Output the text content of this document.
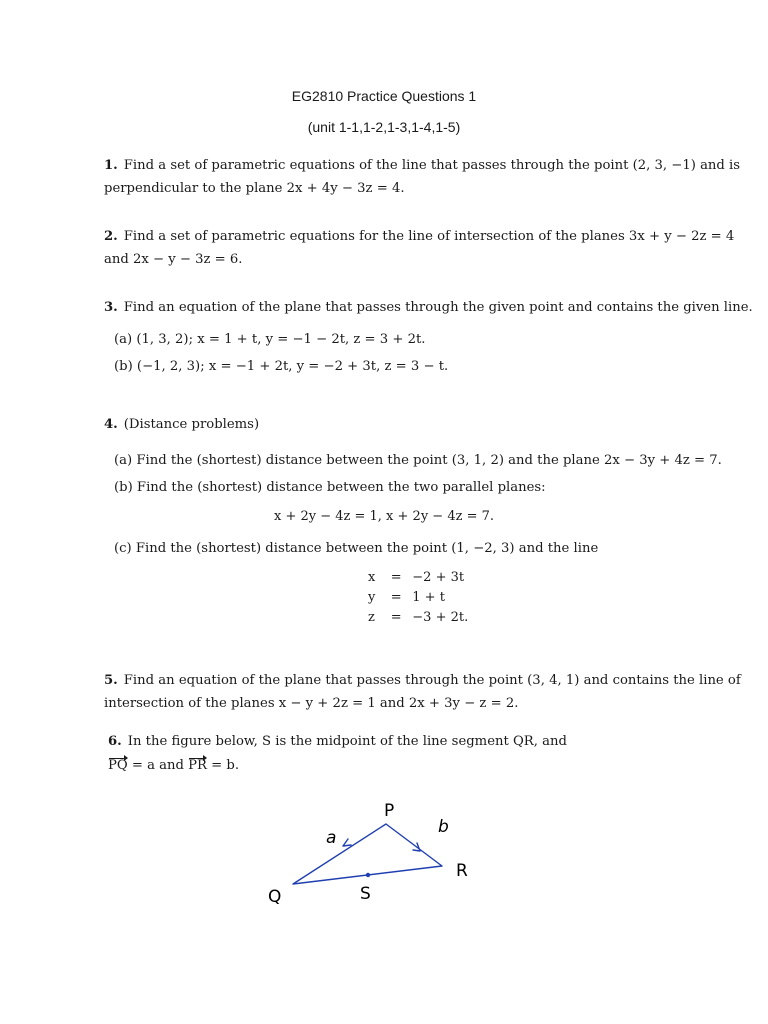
EG2810 Practice Questions 1
(unit 1-1,1-2,1-3,1-4,1-5)
1. Find a set of parametric equations of the line that passes through the point (2, 3, −1) and is
perpendicular to the plane 2x + 4y − 3z = 4.
2. Find a set of parametric equations for the line of intersection of the planes 3x + y − 2z = 4
and 2x − y − 3z = 6.
3. Find an equation of the plane that passes through the given point and contains the given line.
(a) (1, 3, 2); x = 1 + t, y = −1 − 2t, z = 3 + 2t.
(b) (−1, 2, 3); x = −1 + 2t, y = −2 + 3t, z = 3 − t.
4. (Distance problems)
(a) Find the (shortest) distance between the point (3, 1, 2) and the plane 2x − 3y + 4z = 7.
(b) Find the (shortest) distance between the two parallel planes:
x + 2y − 4z = 1, x + 2y − 4z = 7.
(c) Find the (shortest) distance between the point (1, −2, 3) and the line
x = −2 + 3t
y = 1 + t
z = −3 + 2t.
5. Find an equation of the plane that passes through the point (3, 4, 1) and contains the line of
intersection of the planes x − y + 2z = 1 and 2x + 3y − z = 2.
6. In the figure below, S is the midpoint of the line segment QR, and
PQ = a and PR = b.
P
Q
R
S
a
b
